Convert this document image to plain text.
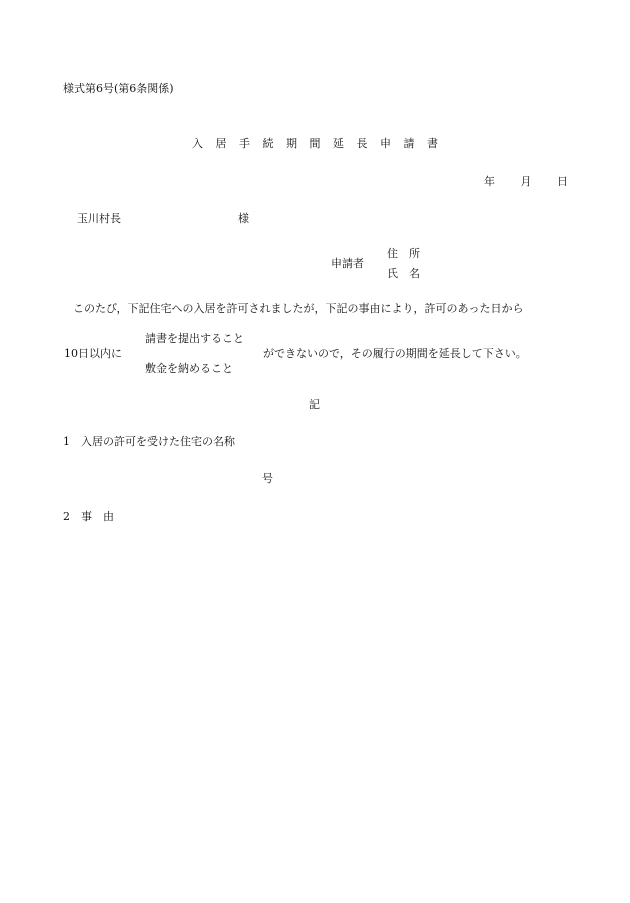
様式第6号(第6条関係)
入 居 手 続 期 間 延 長 申 請 書
年 月 日
玉川村長	様
申請者
住　所
氏　名
このたび，下記住宅への入居を許可されましたが，下記の事由により，許可のあった日から
10日以内に
請書を提出すること
敷金を納めること
ができないので，その履行の期間を延長して下さい。
記
1　入居の許可を受けた住宅の名称
号
2　事　由
